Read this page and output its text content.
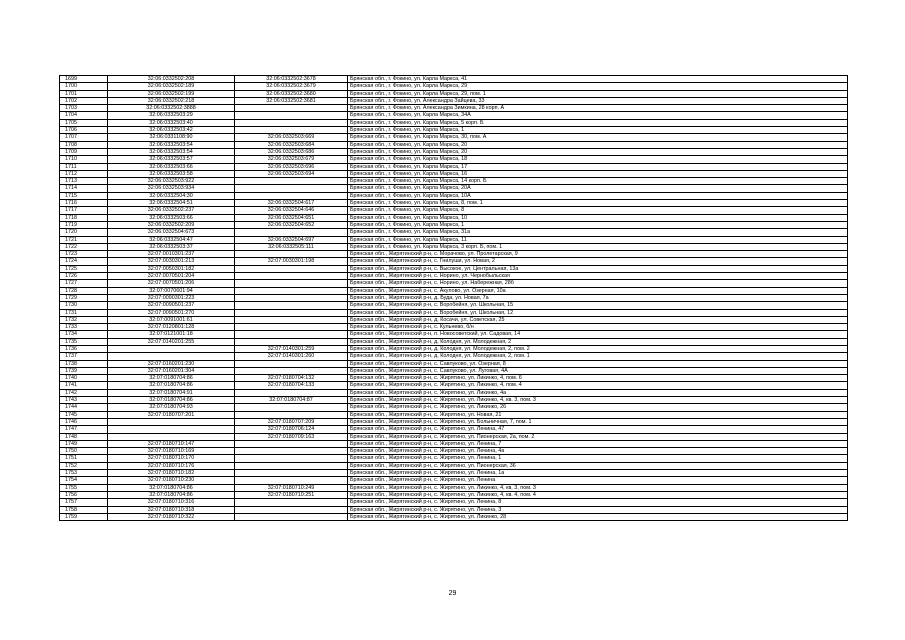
1699	32:06:0332502:208	32:06:0332502:3678	Брянская обл., г. Фокино, ул. Карла Маркса, 41
1700	32:06:0332502:189	32:06:0332502:3679	Брянская обл., г. Фокино, ул. Карла Маркса, 29
1701	32:06:0332502:199	32:06:0332502:3680	Брянская обл., г. Фокино, ул. Карла Маркса, 29, пом. 1
1702	32:06:0332502:218	32:06:0332502:3681	Брянская обл., г. Фокино, ул. Александра Зайцева, 33
1703	32:06:0332502:3888		Брянская обл., г. Фокино, ул. Александра Зимкина, 28 корп. А
1704	32:06:0332503:29		Брянская обл., г. Фокино, ул. Карла Маркса, 34А
1705	32:06:0332503:40		Брянская обл., г. Фокино, ул. Карла Маркса, 5 корп. Б
1706	32:06:0332503:42		Брянская обл., г. Фокино, ул. Карла Маркса, 1
1707	32:06:0331108:90	32:06:0332503:669	Брянская обл., г. Фокино, ул. Карла Маркса, 30, пом. А
1708	32:06:0332503:54	32:06:0332503:684	Брянская обл., г. Фокино, ул. Карла Маркса, 20
1709	32:06:0332503:54	32:06:0332503:686	Брянская обл., г. Фокино, ул. Карла Маркса, 20
1710	32:06:0332503:57	32:06:0332503:679	Брянская обл., г. Фокино, ул. Карла Маркса, 18
1711	32:06:0332503:66	32:06:0332503:696	Брянская обл., г. Фокино, ул. Карла Маркса, 17
1712	32:06:0332503:58	32:06:0332503:694	Брянская обл., г. Фокино, ул. Карла Маркса, 16
1713	32:06:0332503:922		Брянская обл., г. Фокино, ул. Карла Маркса, 14 корп. Б
1714	32:06:0332503:934		Брянская обл., г. Фокино, ул. Карла Маркса, 20А
1715	32:06:0332504:30		Брянская обл., г. Фокино, ул. Карла Маркса, 10А
1716	32:06:0332504:51	32:06:0332504:617	Брянская обл., г. Фокино, ул. Карла Маркса, 8, пом. 1
1717	32:06:0332502:237	32:06:0332504:646	Брянская обл., г. Фокино, ул. Карла Маркса, 8
1718	32:06:0332503:66	32:06:0332504:651	Брянская обл., г. Фокино, ул. Карла Маркса, 10
1719	32:06:0332502:209	32:06:0332504:652	Брянская обл., г. Фокино, ул. Карла Маркса, 1
1720	32:06:0332504:673		Брянская обл., г. Фокино, ул. Карла Маркса, 31а
1721	32:06:0332504:47	32:06:0332504:697	Брянская обл., г. Фокино, ул. Карла Маркса, 11
1722	32:06:0332503:37	32:06:0332505:111	Брянская обл., г. Фокино, ул. Карла Маркса, 3 корп. Б, пом. 1
1723	32:07:0010301:237		Брянская обл., Жирятинский р-н, с. Морачово, ул. Пролетарская, 9
1724	32:07:0030301:213	32:07:0030301:198	Брянская обл., Жирятинский р-н, с. Гнилуши, ул. Новая, 2
1725	32:07:0050301:182		Брянская обл., Жирятинский р-н, с. Высокое, ул. Центральная, 13а
1726	32:07:0070501:204		Брянская обл., Жирятинский р-н, с. Норино, ул. Чернобыльская
1727	32:07:0070501:206		Брянская обл., Жирятинский р-н, с. Норино, ул. Набережная, 28б
1728	32:07:0070601:94		Брянская обл., Жирятинский р-н, с. Акулово, ул. Озерная, 10а
1729	32:07:0090301:223		Брянская обл., Жирятинский р-н, д. Буда, ул. Новая, 7а
1730	32:07:0090501:237		Брянская обл., Жирятинский р-н, с. Воробейня, ул. Школьная, 15
1731	32:07:0090501:270		Брянская обл., Жирятинский р-н, с. Воробейня, ул. Школьная, 12
1732	32:07:0091001:61		Брянская обл., Жирятинский р-н, д. Косачи, ул. Советская, 25
1733	32:07:0120801:128		Брянская обл., Жирятинский р-н, с. Кульнево, б/н
1734	32:07:0121001:18		Брянская обл., Жирятинский р-н, п. Новосоветский, ул. Садовая, 14
1735	32:07:0140201:255		Брянская обл., Жирятинский р-н, д. Колодня, ул. Молодежная, 2
1736		32:07:0140301:259	Брянская обл., Жирятинский р-н, д. Колодня, ул. Молодежная, 2, пом. 2
1737		32:07:0140301:260	Брянская обл., Жирятинский р-н, д. Колодня, ул. Молодежная, 2, пом. 1
1738	32:07:0160201:230		Брянская обл., Жирятинский р-н, с. Савлуково, ул. Озерная, 8
1739	32:07:0160201:304		Брянская обл., Жирятинский р-н, с. Савлуково, ул. Луговая, 4А
1740	32:07:0180704:86	32:07:0180704:132	Брянская обл., Жирятинский р-н, с. Жирятино, ул. Ликинко, 4, пом. 6
1741	32:07:0180704:86	32:07:0180704:133	Брянская обл., Жирятинский р-н, с. Жирятино, ул. Ликинко, 4, пом. 4
1742	32:07:0180704:91		Брянская обл., Жирятинский р-н, с. Жирятино, ул. Ликинко, 4а
1743	32:07:0180704:86	32:07:0180704:87	Брянская обл., Жирятинский р-н, с. Жирятино, ул. Ликинко, 4, кв. 3, пом. 3
1744	32:07:0180704:93		Брянская обл., Жирятинский р-н, с. Жирятино, ул. Ликинко, 26
1745	32:07:0180707:201		Брянская обл., Жирятинский р-н, с. Жирятино, ул. Новая, 21
1746		32:07:0180707:209	Брянская обл., Жирятинский р-н, с. Жирятино, ул. Больничная, 7, пом. 1
1747		32:07:0180706:124	Брянская обл., Жирятинский р-н, с. Жирятино, ул. Ленина, 47
1748		32:07:0180709:163	Брянская обл., Жирятинский р-н, с. Жирятино, ул. Пионерская, 2а, пом. 2
1749	32:07:0180710:147		Брянская обл., Жирятинский р-н, с. Жирятино, ул. Ленина, 7
1750	32:07:0180710:169		Брянская обл., Жирятинский р-н, с. Жирятино, ул. Ленина, 4а
1751	32:07:0180710:170		Брянская обл., Жирятинский р-н, с. Жирятино, ул. Ленина, 1
1752	32:07:0180710:176		Брянская обл., Жирятинский р-н, с. Жирятино, ул. Пионерская, 36
1753	32:07:0180710:182		Брянская обл., Жирятинский р-н, с. Жирятино, ул. Ленина, 1а
1754	32:07:0180710:230		Брянская обл., Жирятинский р-н, с. Жирятино, ул. Ленина
1755	32:07:0180704:86	32:07:0180710:249	Брянская обл., Жирятинский р-н, с. Жирятино, ул. Ликинко, 4, кв. 3, пом. 3
1756	32:07:0180704:86	32:07:0180710:251	Брянская обл., Жирятинский р-н, с. Жирятино, ул. Ликинко, 4, кв. 4, пом. 4
1757	32:07:0180710:316		Брянская обл., Жирятинский р-н, с. Жирятино, ул. Ленина, 8
1758	32:07:0180710:318		Брянская обл., Жирятинский р-н, с. Жирятино, ул. Ленина, 3
1759	32:07:0180710:322		Брянская обл., Жирятинский р-н, с. Жирятино, ул. Ликинко, 28
29
